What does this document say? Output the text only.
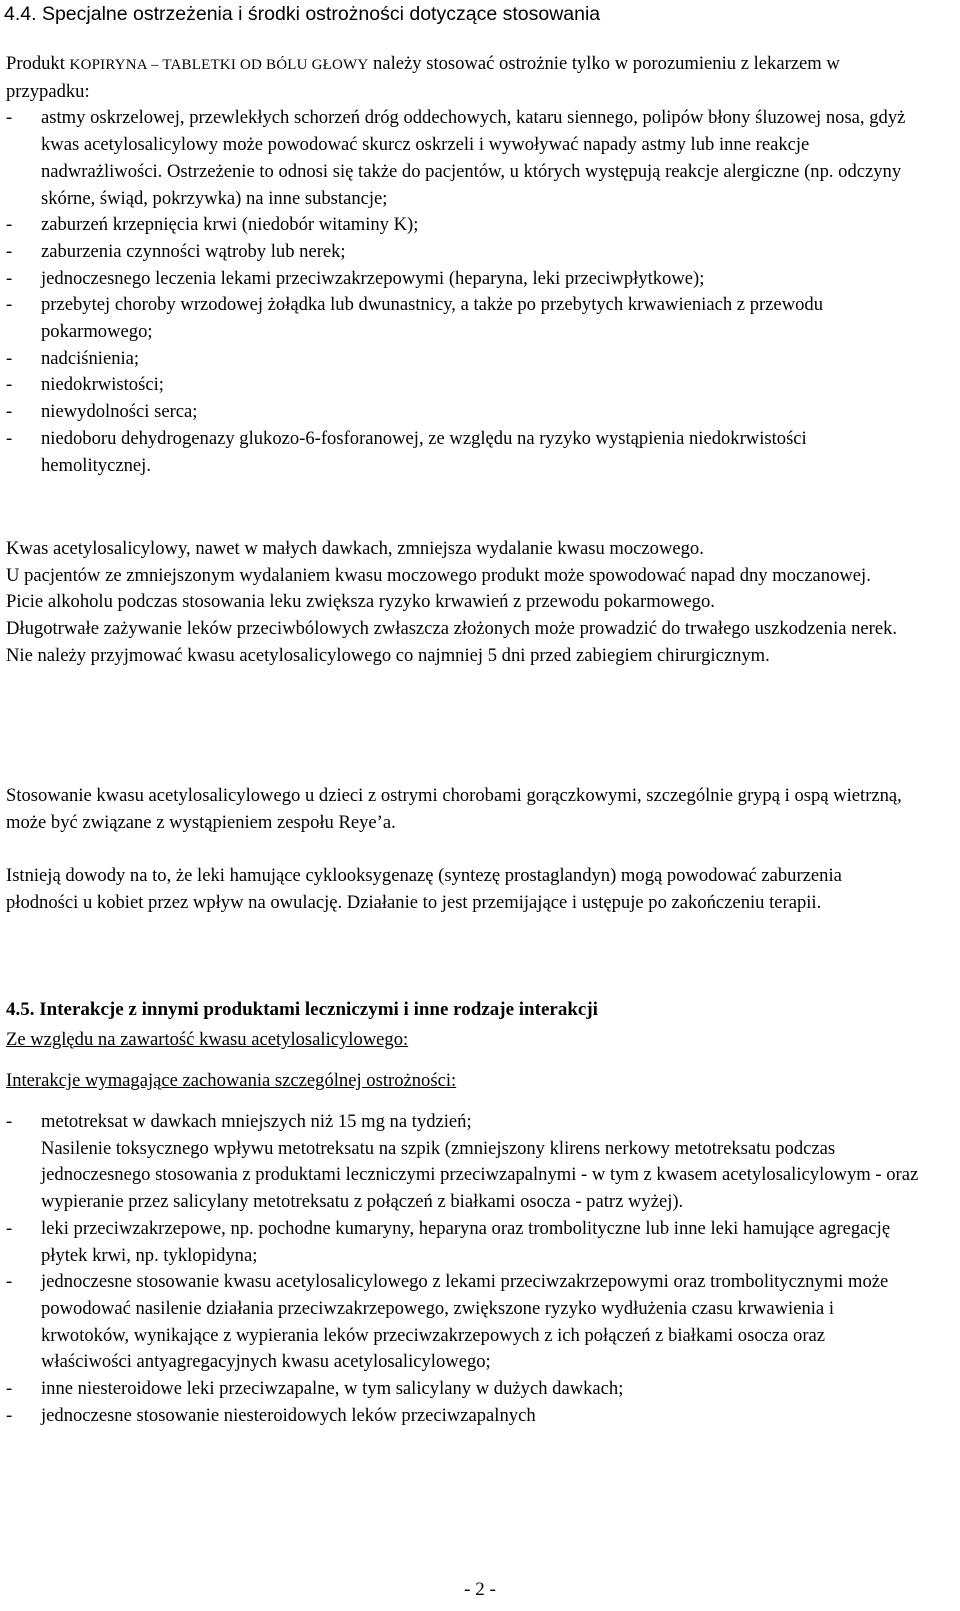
4.4. Specjalne ostrzeżenia i środki ostrożności dotyczące stosowania

Produkt KOPIRYNA – TABLETKI OD BÓLU GŁOWY należy stosować ostrożnie tylko w porozumieniu z lekarzem w przypadku:

- astmy oskrzelowej, przewlekłych schorzeń dróg oddechowych, kataru siennego, polipów błony śluzowej nosa, gdyż kwas acetylosalicylowy może powodować skurcz oskrzeli i wywoływać napady astmy lub inne reakcje nadwrażliwości. Ostrzeżenie to odnosi się także do pacjentów, u których występują reakcje alergiczne (np. odczyny skórne, świąd, pokrzywka) na inne substancje;
- zaburzeń krzepnięcia krwi (niedobór witaminy K);
- zaburzenia czynności wątroby lub nerek;
- jednoczesnego leczenia lekami przeciwzakrzepowymi (heparyna, leki przeciwpłytkowe);
- przebytej choroby wrzodowej żołądka lub dwunastnicy, a także po przebytych krwawieniach z przewodu pokarmowego;
- nadciśnienia;
- niedokrwistości;
- niewydolności serca;
- niedoboru dehydrogenazy glukozo-6-fosforanowej, ze względu na ryzyko wystąpienia niedokrwistości hemolitycznej.

Kwas acetylosalicylowy, nawet w małych dawkach, zmniejsza wydalanie kwasu moczowego.

U pacjentów ze zmniejszonym wydalaniem kwasu moczowego produkt może spowodować napad dny moczanowej.

Picie alkoholu podczas stosowania leku zwiększa ryzyko krwawień z przewodu pokarmowego.

Długotrwałe zażywanie leków przeciwbólowych zwłaszcza złożonych może prowadzić do trwałego uszkodzenia nerek.

Nie należy przyjmować kwasu acetylosalicylowego co najmniej 5 dni przed zabiegiem chirurgicznym.

Stosowanie kwasu acetylosalicylowego u dzieci z ostrymi chorobami gorączkowymi, szczególnie grypą i ospą wietrzną, może być związane z wystąpieniem zespołu Reye’a.
Istnieją dowody na to, że leki hamujące cyklooksygenazę (syntezę prostaglandyn) mogą powodować zaburzenia płodności u kobiet przez wpływ na owulację. Działanie to jest przemijające i ustępuje po zakończeniu terapii.
4.5. Interakcje z innymi produktami leczniczymi i inne rodzaje interakcji
Ze względu na zawartość kwasu acetylosalicylowego:
Interakcje wymagające zachowania szczególnej ostrożności:
- metotreksat w dawkach mniejszych niż 15 mg na tydzień;
Nasilenie toksycznego wpływu metotreksatu na szpik (zmniejszony klirens nerkowy metotreksatu podczas jednoczesnego stosowania z produktami leczniczymi przeciwzapalnymi - w tym z kwasem acetylosalicylowym - oraz wypieranie przez salicylany metotreksatu z połączeń z białkami osocza - patrz wyżej).
- leki przeciwzakrzepowe, np. pochodne kumaryny, heparyna oraz trombolityczne lub inne leki hamujące agregację płytek krwi, np. tyklopidyna;
- jednoczesne stosowanie kwasu acetylosalicylowego z lekami przeciwzakrzepowymi oraz trombolitycznymi może powodować nasilenie działania przeciwzakrzepowego, zwiększone ryzyko wydłużenia czasu krwawienia i krwotoków, wynikające z wypierania leków przeciwzakrzepowych z ich połączeń z białkami osocza oraz właściwości antyagregacyjnych kwasu acetylosalicylowego;
- inne niesteroidowe leki przeciwzapalne, w tym salicylany w dużych dawkach;
- jednoczesne stosowanie niesteroidowych leków przeciwzapalnych
- 2 -
